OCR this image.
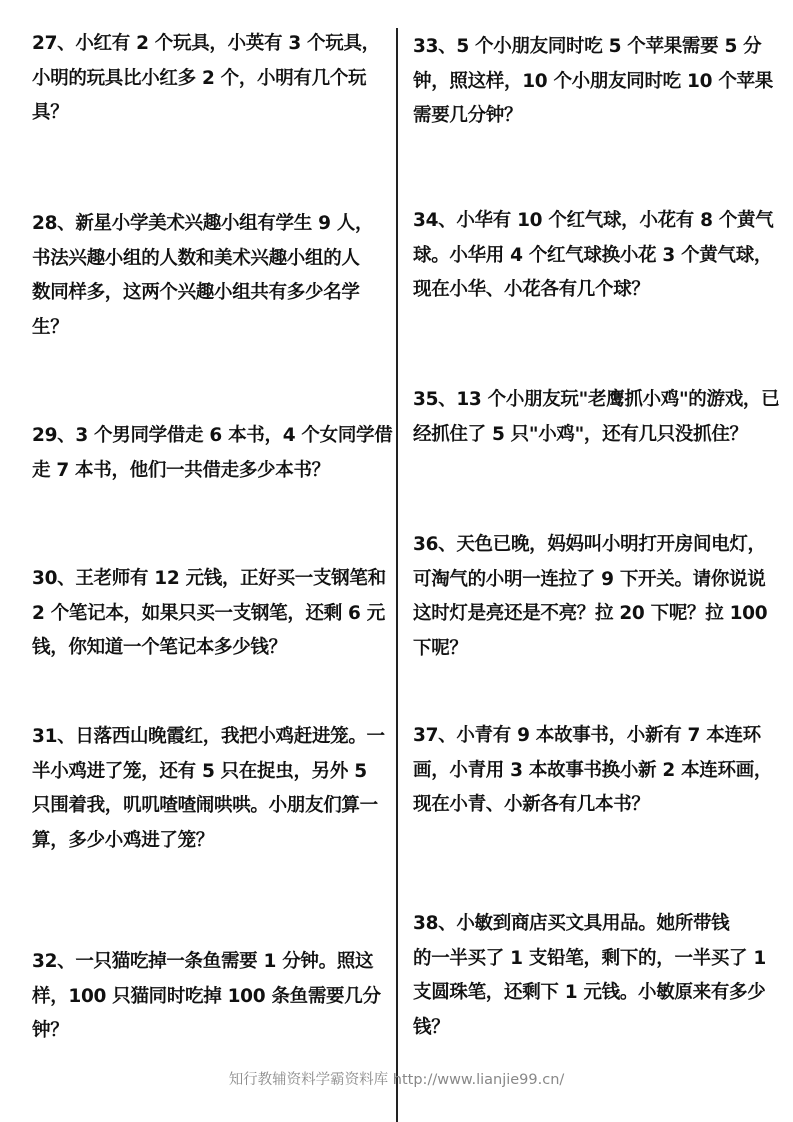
27、小红有 2 个玩具，小英有 3 个玩具，
小明的玩具比小红多 2 个，小明有几个玩
具？
28、新星小学美术兴趣小组有学生 9 人，
书法兴趣小组的人数和美术兴趣小组的人
数同样多，这两个兴趣小组共有多少名学
生？
29、3 个男同学借走 6 本书，4 个女同学借
走 7 本书，他们一共借走多少本书？
30、王老师有 12 元钱，正好买一支钢笔和
2 个笔记本，如果只买一支钢笔，还剩 6 元
钱，你知道一个笔记本多少钱？
31、日落西山晚霞红，我把小鸡赶进笼。一
半小鸡进了笼，还有 5 只在捉虫，另外 5
只围着我，叽叽喳喳闹哄哄。小朋友们算一
算，多少小鸡进了笼？
32、一只猫吃掉一条鱼需要 1 分钟。照这
样，100 只猫同时吃掉 100 条鱼需要几分
钟？
33、5 个小朋友同时吃 5 个苹果需要 5 分
钟，照这样，10 个小朋友同时吃 10 个苹果
需要几分钟？
34、小华有 10 个红气球，小花有 8 个黄气
球。小华用 4 个红气球换小花 3 个黄气球，
现在小华、小花各有几个球？
35、13 个小朋友玩"老鹰抓小鸡"的游戏，已
经抓住了 5 只"小鸡"，还有几只没抓住？
36、天色已晚，妈妈叫小明打开房间电灯，
可淘气的小明一连拉了 9 下开关。请你说说
这时灯是亮还是不亮？拉 20 下呢？拉 100
下呢？
37、小青有 9 本故事书，小新有 7 本连环
画，小青用 3 本故事书换小新 2 本连环画，
现在小青、小新各有几本书？
38、小敏到商店买文具用品。她所带钱
的一半买了 1 支铅笔，剩下的，一半买了 1
支圆珠笔，还剩下 1 元钱。小敏原来有多少
钱？
知行教辅资料学霸资料库 http://www.lianjie99.cn/
